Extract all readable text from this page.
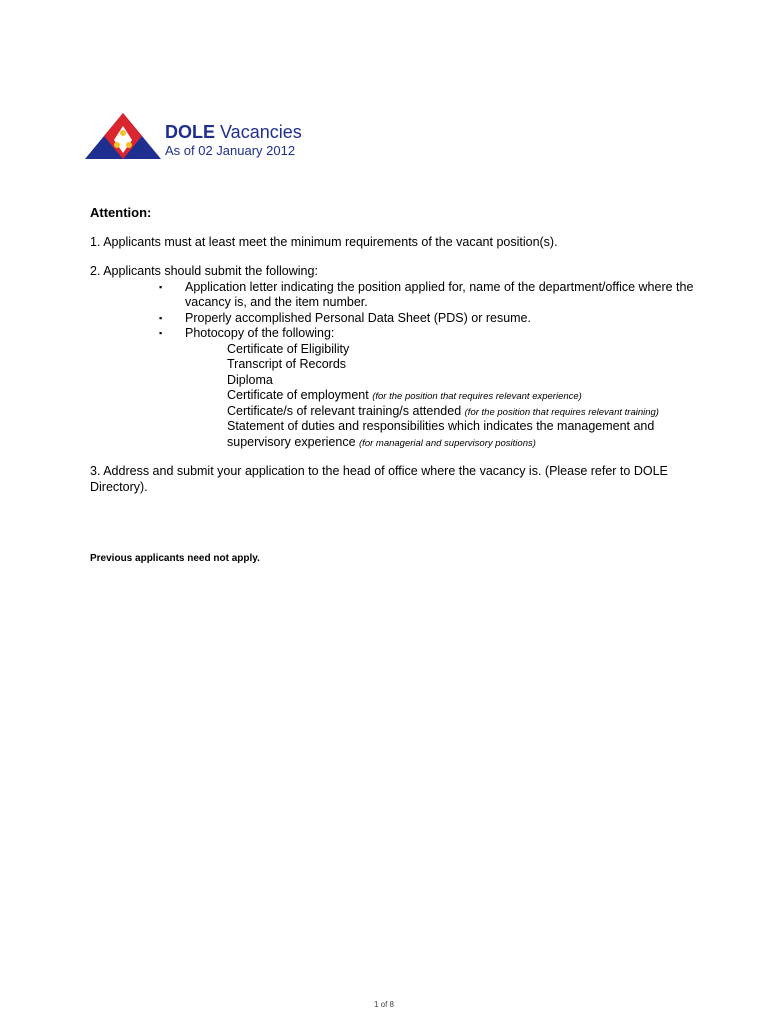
DOLE Vacancies
As of 02 January 2012
Attention:
1. Applicants must at least meet the minimum requirements of the vacant position(s).
2. Applicants should submit the following:
▪ Application letter indicating the position applied for, name of the department/office where the vacancy is, and the item number.
▪ Properly accomplished Personal Data Sheet (PDS) or resume.
▪ Photocopy of the following:
Certificate of Eligibility
Transcript of Records
Diploma
Certificate of employment (for the position that requires relevant experience)
Certificate/s of relevant training/s attended (for the position that requires relevant training)
Statement of duties and responsibilities which indicates the management and supervisory experience (for managerial and supervisory positions)
3. Address and submit your application to the head of office where the vacancy is. (Please refer to DOLE Directory).
Previous applicants need not apply.
1 of 8
